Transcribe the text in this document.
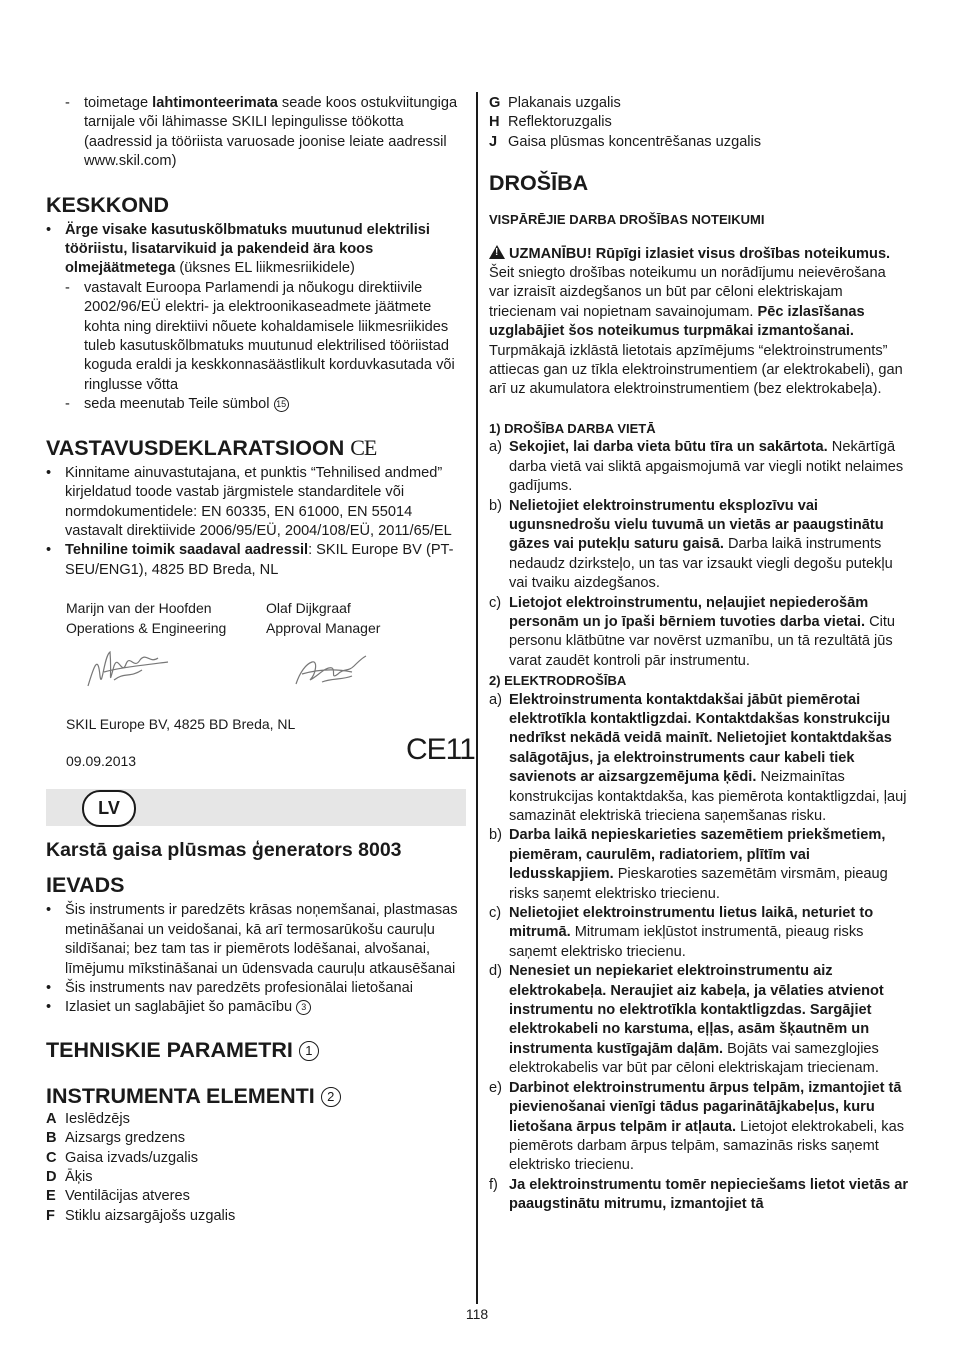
- toimetage lahtimonteerimata seade koos ostukviitungiga tarnijale või lähimasse SKILI lepingulisse töökotta (aadressid ja tööriista varuosade joonise leiate aadressil www.skil.com)
KESKKOND
• Ärge visake kasutuskõlbmatuks muutunud elektrilisi tööriistu, lisatarvikuid ja pakendeid ära koos olmejäätmetega (üksnes EL liikmesriikidele)
- vastavalt Euroopa Parlamendi ja nõukogu direktiivile 2002/96/EÜ elektri- ja elektroonikaseadmete jäätmete kohta ning direktiivi nõuete kohaldamisele liikmesriikides tuleb kasutuskõlbmatuks muutunud elektrilised tööriistad koguda eraldi ja keskkonnasäästlikult korduvkasutada või ringlusse võtta
- seda meenutab Teile sümbol 15
VASTAVUSDEKLARATSIOON CE
• Kinnitame ainuvastutajana, et punktis “Tehnilised andmed” kirjeldatud toode vastab järgmistele standarditele või normdokumentidele: EN 60335, EN 61000, EN 55014 vastavalt direktiivide 2006/95/EÜ, 2004/108/EÜ, 2011/65/EL
• Tehniline toimik saadaval aadressil: SKIL Europe BV (PT-SEU/ENG1), 4825 BD Breda, NL
Marijn van der Hoofden
Operations & Engineering
Olaf Dijkgraaf
Approval Manager
SKIL Europe BV, 4825 BD Breda, NL
09.09.2013	CE11
LV
Karstā gaisa plūsmas ģenerators 8003
IEVADS
• Šis instruments ir paredzēts krāsas noņemšanai, plastmasas metināšanai un veidošanai, kā arī termosarūkošu cauruļu sildīšanai; bez tam tas ir piemērots lodēšanai, alvošanai, līmējumu mīkstināšanai un ūdensvada cauruļu atkausēšanai
• Šis instruments nav paredzēts profesionālai lietošanai
• Izlasiet un saglabājiet šo pamācību 3
TEHNISKIE PARAMETRI 1
INSTRUMENTA ELEMENTI 2
A Ieslēdzējs
B Aizsargs gredzens
C Gaisa izvads/uzgalis
D Āķis
E Ventilācijas atveres
F Stiklu aizsargājošs uzgalis
G Plakanais uzgalis
H Reflektoruzgalis
J Gaisa plūsmas koncentrēšanas uzgalis
DROŠĪBA
VISPĀRĒJIE DARBA DROŠĪBAS NOTEIKUMI
! UZMANĪBU! Rūpīgi izlasiet visus drošības noteikumus. Šeit sniegto drošības noteikumu un norādījumu neievērošana var izraisīt aizdegšanos un būt par cēloni elektriskajam triecienam vai nopietnam savainojumam. Pēc izlasīšanas uzglabājiet šos noteikumus turpmākai izmantošanai. Turpmākajā izklāstā lietotais apzīmējums “elektroinstruments” attiecas gan uz tīkla elektroinstrumentiem (ar elektrokabeli), gan arī uz akumulatora elektroinstrumentiem (bez elektrokabeļa).
1) DROŠĪBA DARBA VIETĀ
a) Sekojiet, lai darba vieta būtu tīra un sakārtota. Nekārtīgā darba vietā vai sliktā apgaismojumā var viegli notikt nelaimes gadījums.
b) Nelietojiet elektroinstrumentu eksplozīvu vai ugunsnedrošu vielu tuvumā un vietās ar paaugstinātu gāzes vai putekļu saturu gaisā. Darba laikā instruments nedaudz dzirksteļo, un tas var izsaukt viegli degošu putekļu vai tvaiku aizdegšanos.
c) Lietojot elektroinstrumentu, neļaujiet nepiederošām personām un jo īpaši bērniem tuvoties darba vietai. Citu personu klātbūtne var novērst uzmanību, un tā rezultātā jūs varat zaudēt kontroli pār instrumentu.
2) ELEKTRODROŠĪBA
a) Elektroinstrumenta kontaktdakšai jābūt piemērotai elektrotīkla kontaktligzdai. Kontaktdakšas konstrukciju nedrīkst nekādā veidā mainīt. Nelietojiet kontaktdakšas salāgotājus, ja elektroinstruments caur kabeli tiek savienots ar aizsargzemējuma ķēdi. Neizmainītas konstrukcijas kontaktdakša, kas piemērota kontaktligzdai, ļauj samazināt elektriskā trieciena saņemšanas risku.
b) Darba laikā nepieskarieties sazemētiem priekšmetiem, piemēram, caurulēm, radiatoriem, plītīm vai ledusskapjiem. Pieskaroties sazemētām virsmām, pieaug risks saņemt elektrisko triecienu.
c) Nelietojiet elektroinstrumentu lietus laikā, neturiet to mitrumā. Mitrumam iekļūstot instrumentā, pieaug risks saņemt elektrisko triecienu.
d) Nenesiet un nepiekariet elektroinstrumentu aiz elektrokabeļa. Neraujiet aiz kabeļa, ja vēlaties atvienot instrumentu no elektrotīkla kontaktligzdas. Sargājiet elektrokabeli no karstuma, eļļas, asām šķautnēm un instrumenta kustīgajām daļām. Bojāts vai samezglojies elektrokabelis var būt par cēloni elektriskajam triecienam.
e) Darbinot elektroinstrumentu ārpus telpām, izmantojiet tā pievienošanai vienīgi tādus pagarinātājkabeļus, kuru lietošana ārpus telpām ir atļauta. Lietojot elektrokabeli, kas piemērots darbam ārpus telpām, samazinās risks saņemt elektrisko triecienu.
f) Ja elektroinstrumentu tomēr nepieciešams lietot vietās ar paaugstinātu mitrumu, izmantojiet tā
118
